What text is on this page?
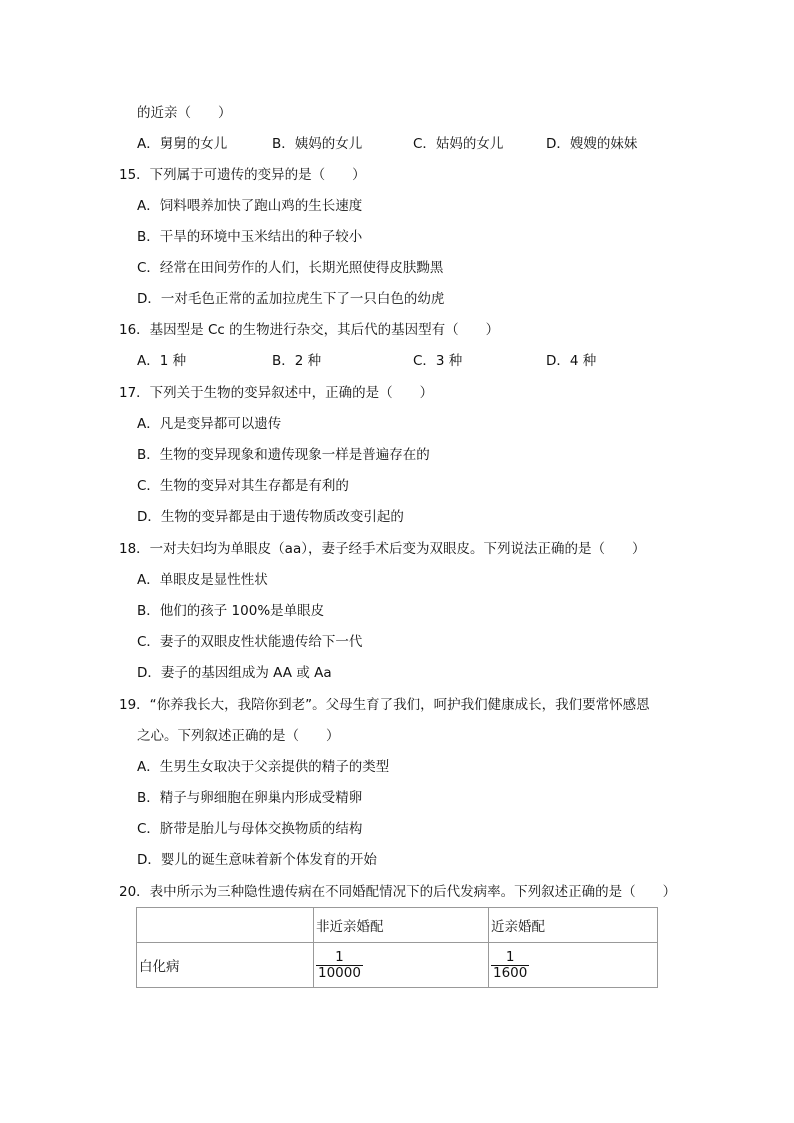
的近亲（　　）
A．舅舅的女儿	B．姨妈的女儿	C．姑妈的女儿	D．嫂嫂的妹妹
15．下列属于可遗传的变异的是（　　）
A．饲料喂养加快了跑山鸡的生长速度
B．干旱的环境中玉米结出的种子较小
C．经常在田间劳作的人们，长期光照使得皮肤黝黑
D．一对毛色正常的孟加拉虎生下了一只白色的幼虎
16．基因型是 Cc 的生物进行杂交，其后代的基因型有（　　）
A．1 种	B．2 种	C．3 种	D．4 种
17．下列关于生物的变异叙述中，正确的是（　　）
A．凡是变异都可以遗传
B．生物的变异现象和遗传现象一样是普遍存在的
C．生物的变异对其生存都是有利的
D．生物的变异都是由于遗传物质改变引起的
18．一对夫妇均为单眼皮（aa），妻子经手术后变为双眼皮。下列说法正确的是（　　）
A．单眼皮是显性性状
B．他们的孩子 100%是单眼皮
C．妻子的双眼皮性状能遗传给下一代
D．妻子的基因组成为 AA 或 Aa
19．“你养我长大，我陪你到老”。父母生育了我们，呵护我们健康成长，我们要常怀感恩
之心。下列叙述正确的是（　　）
A．生男生女取决于父亲提供的精子的类型
B．精子与卵细胞在卵巢内形成受精卵
C．脐带是胎儿与母体交换物质的结构
D．婴儿的诞生意味着新个体发育的开始
20．表中所示为三种隐性遗传病在不同婚配情况下的后代发病率。下列叙述正确的是（　　）
	非近亲婚配	近亲婚配
白化病	$\frac{1}{10000}$	$\frac{1}{1600}$
